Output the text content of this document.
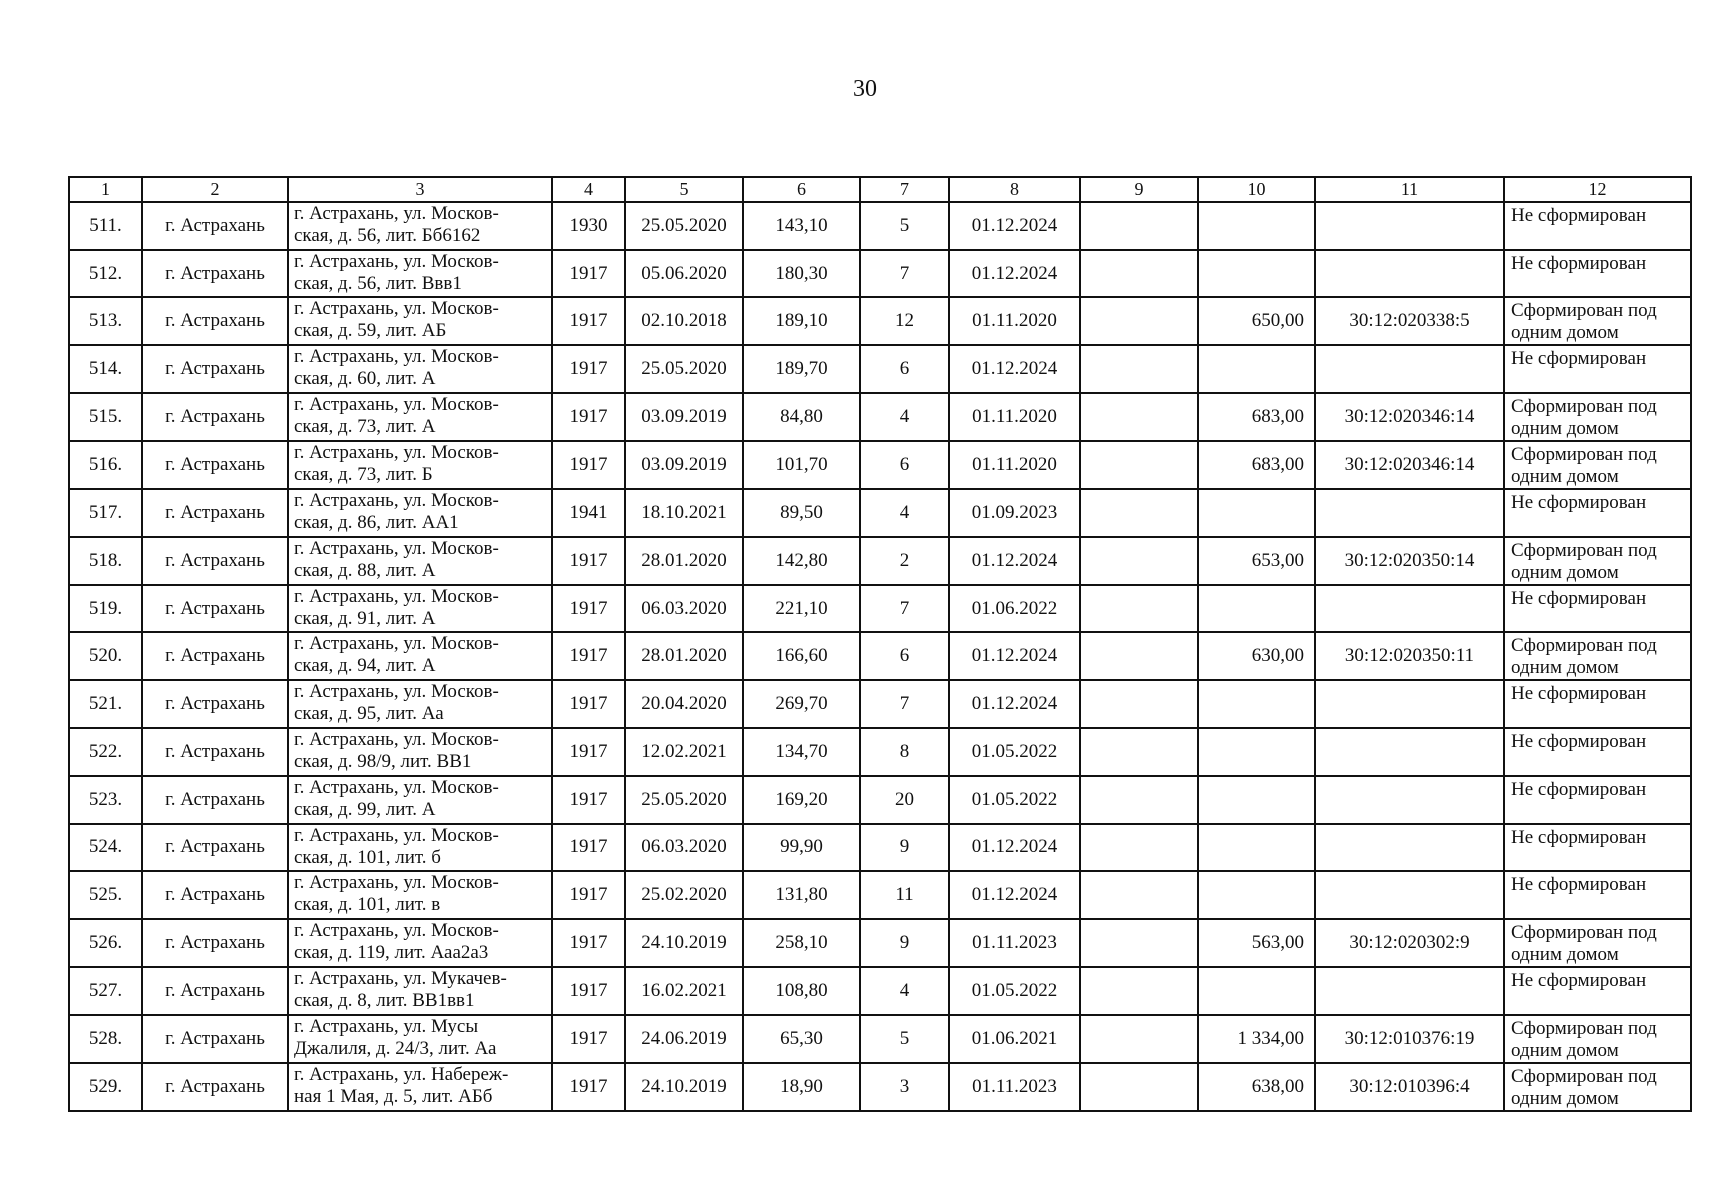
30
1	2	3	4	5	6	7	8	9	10	11	12
511.	г. Астрахань	г. Астрахань, ул. Москов-
ская, д. 56, лит. Бб6162	1930	25.05.2020	143,10	5	01.12.2024				Не сформирован
512.	г. Астрахань	г. Астрахань, ул. Москов-
ская, д. 56, лит. Ввв1	1917	05.06.2020	180,30	7	01.12.2024				Не сформирован
513.	г. Астрахань	г. Астрахань, ул. Москов-
ская, д. 59, лит. АБ	1917	02.10.2018	189,10	12	01.11.2020		650,00	30:12:020338:5	Сформирован под
одним домом
514.	г. Астрахань	г. Астрахань, ул. Москов-
ская, д. 60, лит. А	1917	25.05.2020	189,70	6	01.12.2024				Не сформирован
515.	г. Астрахань	г. Астрахань, ул. Москов-
ская, д. 73, лит. А	1917	03.09.2019	84,80	4	01.11.2020		683,00	30:12:020346:14	Сформирован под
одним домом
516.	г. Астрахань	г. Астрахань, ул. Москов-
ская, д. 73, лит. Б	1917	03.09.2019	101,70	6	01.11.2020		683,00	30:12:020346:14	Сформирован под
одним домом
517.	г. Астрахань	г. Астрахань, ул. Москов-
ская, д. 86, лит. АА1	1941	18.10.2021	89,50	4	01.09.2023				Не сформирован
518.	г. Астрахань	г. Астрахань, ул. Москов-
ская, д. 88, лит. А	1917	28.01.2020	142,80	2	01.12.2024		653,00	30:12:020350:14	Сформирован под
одним домом
519.	г. Астрахань	г. Астрахань, ул. Москов-
ская, д. 91, лит. А	1917	06.03.2020	221,10	7	01.06.2022				Не сформирован
520.	г. Астрахань	г. Астрахань, ул. Москов-
ская, д. 94, лит. А	1917	28.01.2020	166,60	6	01.12.2024		630,00	30:12:020350:11	Сформирован под
одним домом
521.	г. Астрахань	г. Астрахань, ул. Москов-
ская, д. 95, лит. Аа	1917	20.04.2020	269,70	7	01.12.2024				Не сформирован
522.	г. Астрахань	г. Астрахань, ул. Москов-
ская, д. 98/9, лит. ВВ1	1917	12.02.2021	134,70	8	01.05.2022				Не сформирован
523.	г. Астрахань	г. Астрахань, ул. Москов-
ская, д. 99, лит. А	1917	25.05.2020	169,20	20	01.05.2022				Не сформирован
524.	г. Астрахань	г. Астрахань, ул. Москов-
ская, д. 101, лит. б	1917	06.03.2020	99,90	9	01.12.2024				Не сформирован
525.	г. Астрахань	г. Астрахань, ул. Москов-
ская, д. 101, лит. в	1917	25.02.2020	131,80	11	01.12.2024				Не сформирован
526.	г. Астрахань	г. Астрахань, ул. Москов-
ская, д. 119, лит. Ааа2а3	1917	24.10.2019	258,10	9	01.11.2023		563,00	30:12:020302:9	Сформирован под
одним домом
527.	г. Астрахань	г. Астрахань, ул. Мукачев-
ская, д. 8, лит. ВВ1вв1	1917	16.02.2021	108,80	4	01.05.2022				Не сформирован
528.	г. Астрахань	г. Астрахань, ул. Мусы
Джалиля, д. 24/3, лит. Аа	1917	24.06.2019	65,30	5	01.06.2021		1 334,00	30:12:010376:19	Сформирован под
одним домом
529.	г. Астрахань	г. Астрахань, ул. Набереж-
ная 1 Мая, д. 5, лит. АБб	1917	24.10.2019	18,90	3	01.11.2023		638,00	30:12:010396:4	Сформирован под
одним домом
